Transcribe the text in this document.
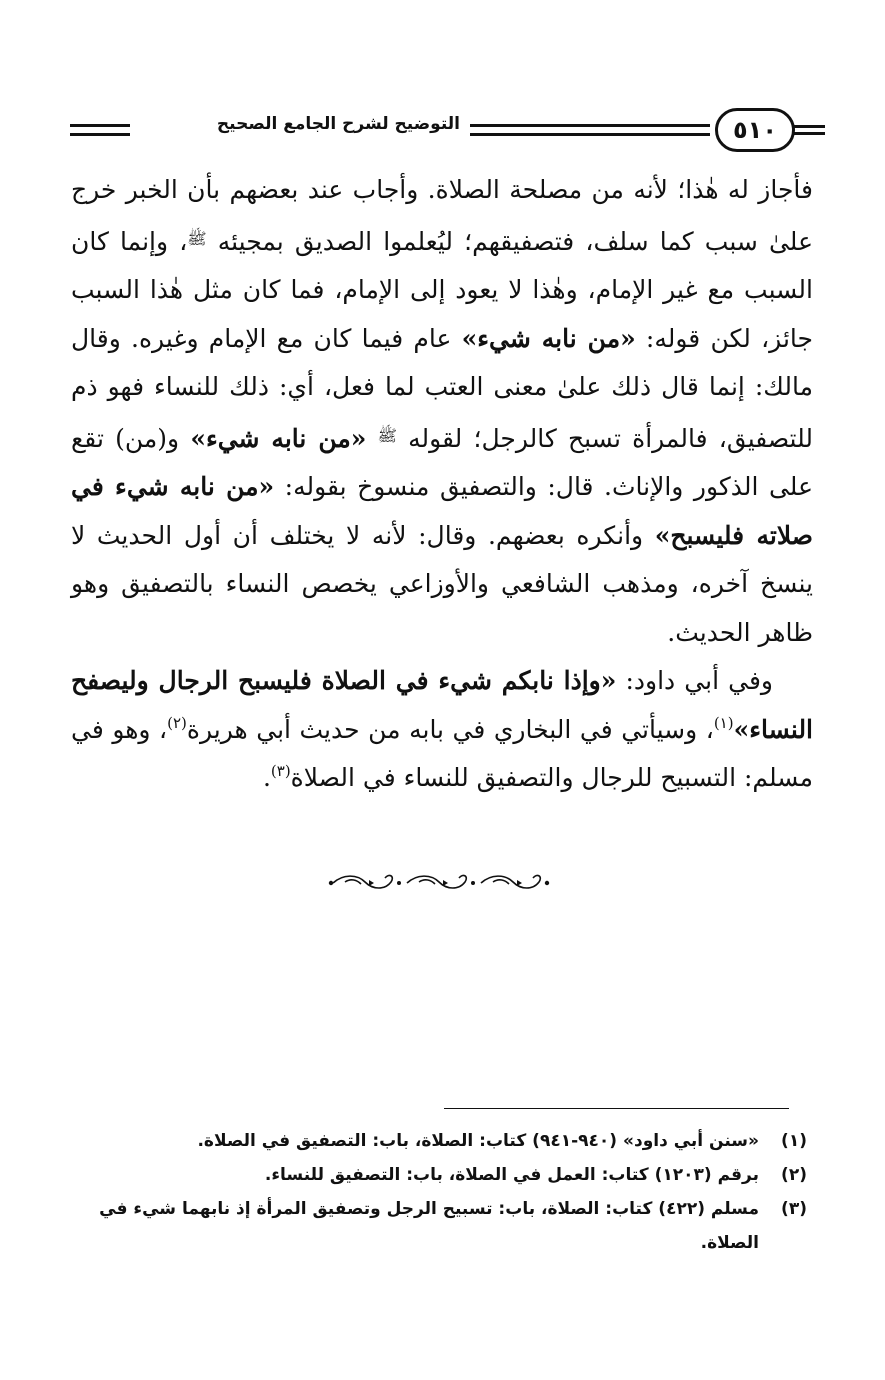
٥١٠
التوضيح لشرح الجامع الصحيح

فأجاز له هٰذا؛ لأنه من مصلحة الصلاة. وأجاب عند بعضهم بأن الخبر خرج علىٰ سبب كما سلف، فتصفيقهم؛ ليُعلموا الصديق بمجيئه $^ﷺ$، وإنما كان السبب مع غير الإمام، وهٰذا لا يعود إلى الإمام، فما كان مثل هٰذا السبب جائز، لكن قوله: «من نابه شيء» عام فيما كان مع الإمام وغيره. وقال مالك: إنما قال ذلك علىٰ معنى العتب لما فعل، أي: ذلك للنساء فهو ذم للتصفيق، فالمرأة تسبح كالرجل؛ لقوله $^ﷺ$ «من نابه شيء» و(من) تقع على الذكور والإناث. قال: والتصفيق منسوخ بقوله: «من نابه شيء في صلاته فليسبح» وأنكره بعضهم. وقال: لأنه لا يختلف أن أول الحديث لا ينسخ آخره، ومذهب الشافعي والأوزاعي يخصص النساء بالتصفيق وهو ظاهر الحديث.

وفي أبي داود: «وإذا نابكم شيء في الصلاة فليسبح الرجال وليصفح النساء»$^{(١)}$، وسيأتي في البخاري في بابه من حديث أبي هريرة$^{(٢)}$، وهو في مسلم: التسبيح للرجال والتصفيق للنساء في الصلاة$^{(٣)}$.

(١)
«سنن أبي داود» (٩٤٠-٩٤١) كتاب: الصلاة، باب: التصفيق في الصلاة.
(٢)
برقم (١٢٠٣) كتاب: العمل في الصلاة، باب: التصفيق للنساء.
(٣)
مسلم (٤٢٢) كتاب: الصلاة، باب: تسبيح الرجل وتصفيق المرأة إذ نابهما شيء في الصلاة.
